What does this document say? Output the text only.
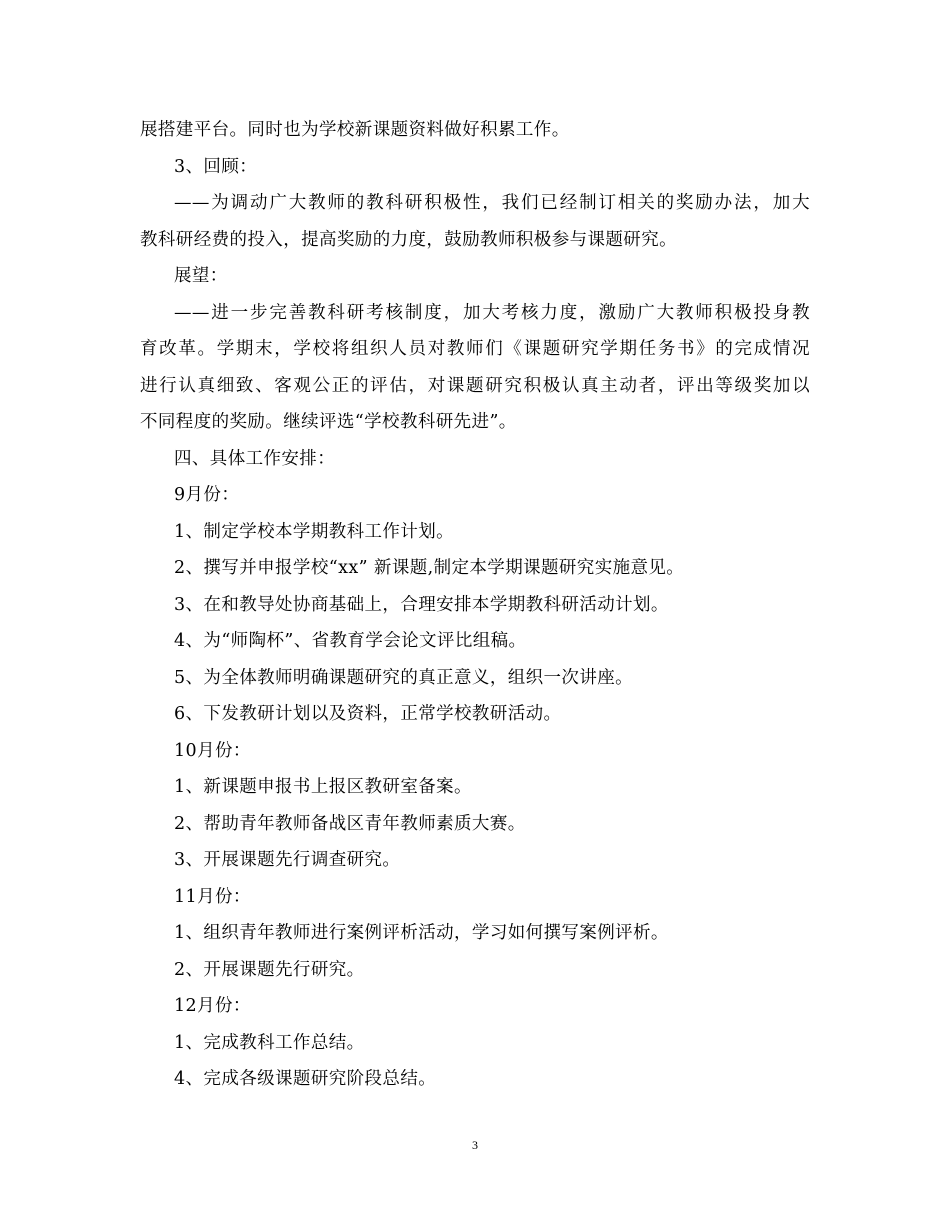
展搭建平台。同时也为学校新课题资料做好积累工作。
3、回顾：
——为调动广大教师的教科研积极性，我们已经制订相关的奖励办法，加大
教科研经费的投入，提高奖励的力度，鼓励教师积极参与课题研究。
展望：
——进一步完善教科研考核制度，加大考核力度，激励广大教师积极投身教
育改革。学期末，学校将组织人员对教师们《课题研究学期任务书》的完成情况
进行认真细致、客观公正的评估，对课题研究积极认真主动者，评出等级奖加以
不同程度的奖励。继续评选“学校教科研先进”。
四、具体工作安排：
9月份：
1、制定学校本学期教科工作计划。
2、撰写并申报学校“xx” 新课题,制定本学期课题研究实施意见。
3、在和教导处协商基础上，合理安排本学期教科研活动计划。
4、为“师陶杯”、省教育学会论文评比组稿。
5、为全体教师明确课题研究的真正意义，组织一次讲座。
6、下发教研计划以及资料，正常学校教研活动。
10月份：
1、新课题申报书上报区教研室备案。
2、帮助青年教师备战区青年教师素质大赛。
3、开展课题先行调查研究。
11月份：
1、组织青年教师进行案例评析活动，学习如何撰写案例评析。
2、开展课题先行研究。
12月份：
1、完成教科工作总结。
4、完成各级课题研究阶段总结。
3
